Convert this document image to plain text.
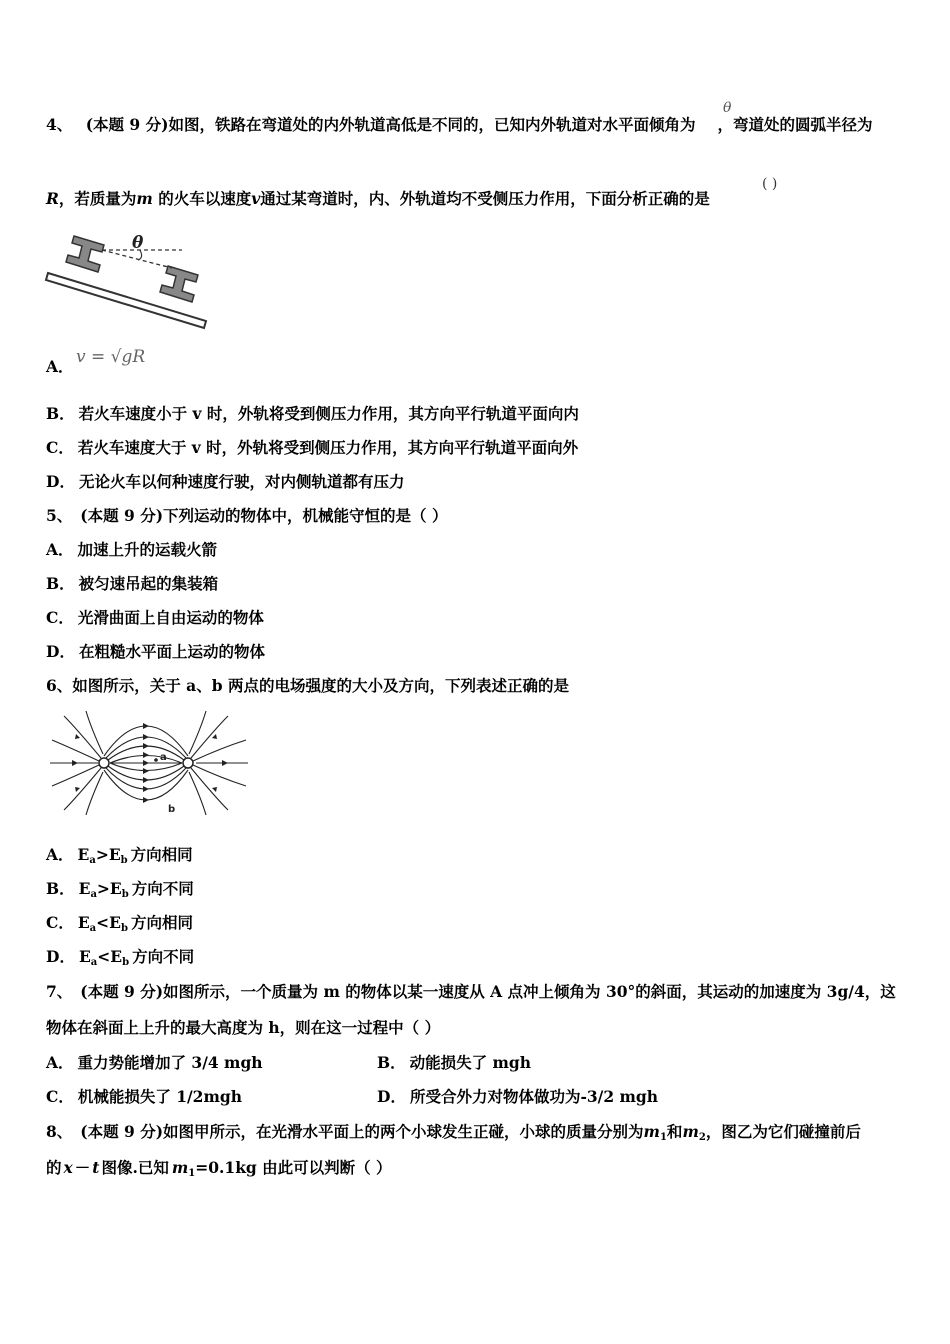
4、 (本题 9 分)如图，铁路在弯道处的内外轨道高低是不同的，已知内外轨道对水平面倾角为 ，弯道处的圆弧半径为
θ
R，若质量为m 的火车以速度v通过某弯道时，内、外轨道均不受侧压力作用，下面分析正确的是
( )
θ
A． v = √gR
B． 若火车速度小于 v 时，外轨将受到侧压力作用，其方向平行轨道平面向内
C． 若火车速度大于 v 时，外轨将受到侧压力作用，其方向平行轨道平面向外
D． 无论火车以何种速度行驶，对内侧轨道都有压力
5、 (本题 9 分)下列运动的物体中，机械能守恒的是（ ）
A． 加速上升的运载火箭
B． 被匀速吊起的集装箱
C． 光滑曲面上自由运动的物体
D． 在粗糙水平面上运动的物体
6、如图所示，关于 a、b 两点的电场强度的大小及方向，下列表述正确的是
a
b
A． $E_a>E_b$ 方向相同
B． $E_a>E_b$ 方向不同
C． $E_a<E_b$ 方向相同
D． $E_a<E_b$ 方向不同
7、 (本题 9 分)如图所示，一个质量为 m 的物体以某一速度从 A 点冲上倾角为 30°的斜面，其运动的加速度为 3g/4，这
物体在斜面上上升的最大高度为 h，则在这一过程中（ ）
A． 重力势能增加了 3/4 mgh	B． 动能损失了 mgh
C． 机械能损失了 1/2mgh	D． 所受合外力对物体做功为-3/2 mgh
8、 (本题 9 分)如图甲所示，在光滑水平面上的两个小球发生正碰，小球的质量分别为$m_1$和$m_2$，图乙为它们碰撞前后
的 x － t 图像.已知 $m_1=0.1kg$ 由此可以判断（ ）
